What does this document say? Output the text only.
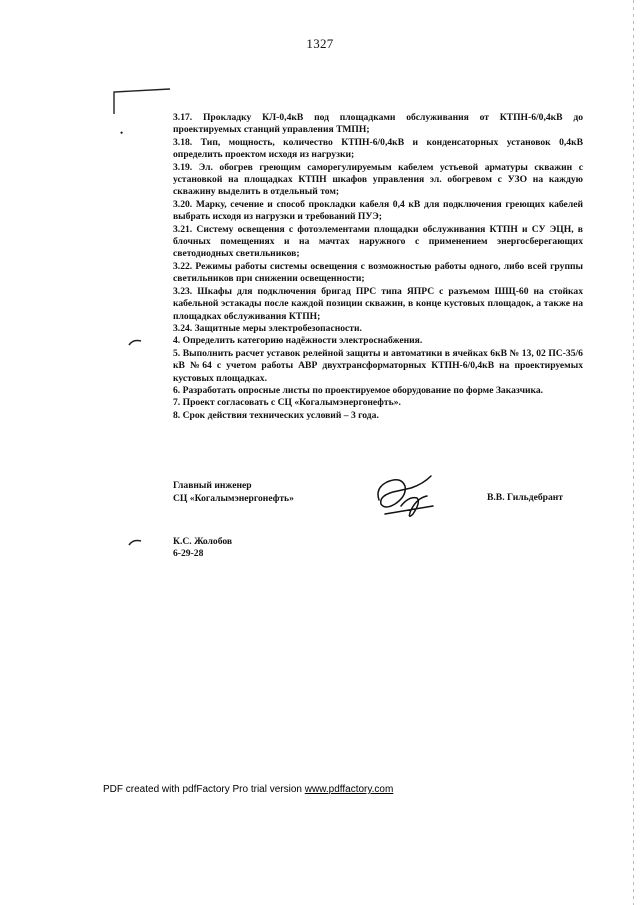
1327
•

3.17. Прокладку КЛ-0,4кВ под площадками обслуживания от КТПН-6/0,4кВ до проектируемых станций управления ТМПН;

3.18. Тип, мощность, количество КТПН-6/0,4кВ и конденсаторных установок 0,4кВ определить проектом исходя из нагрузки;

3.19. Эл. обогрев греющим саморегулируемым кабелем устьевой арматуры скважин с установкой на площадках КТПН шкафов управления эл. обогревом с УЗО на каждую скважину выделить в отдельный том;

3.20. Марку, сечение и способ прокладки кабеля 0,4 кВ для подключения греющих кабелей выбрать исходя из нагрузки и требований ПУЭ;

3.21. Систему освещения с фотоэлементами площадки обслуживания КТПН и СУ ЭЦН, в блочных помещениях и на мачтах наружного с применением энергосберегающих светодиодных светильников;

3.22. Режимы работы системы освещения с возможностью работы одного, либо всей группы светильников при снижении освещенности;

3.23. Шкафы для подключения бригад ПРС типа ЯПРС с разъемом ШЩ-60 на стойках кабельной эстакады после каждой позиции скважин, в конце кустовых площадок, а также на площадках обслуживания КТПН;

3.24. Защитные меры электробезопасности.

4. Определить категорию надёжности электроснабжения.

5. Выполнить расчет уставок релейной защиты и автоматики в ячейках 6кВ № 13, 02 ПС-35/6 кВ №64 с учетом работы АВР двухтрансформаторных КТПН-6/0,4кВ на проектируемых кустовых площадках.

6. Разработать опросные листы по проектируемое оборудование по форме Заказчика.

7. Проект согласовать с СЦ «Когалымэнергонефть».

8. Срок действия технических условий – 3 года.

Главный инженер
СЦ «Когалымэнергонефть»	В.В. Гильдебрант
К.С. Жолобов
6-29-28
PDF created with pdfFactory Pro trial version www.pdffactory.com
